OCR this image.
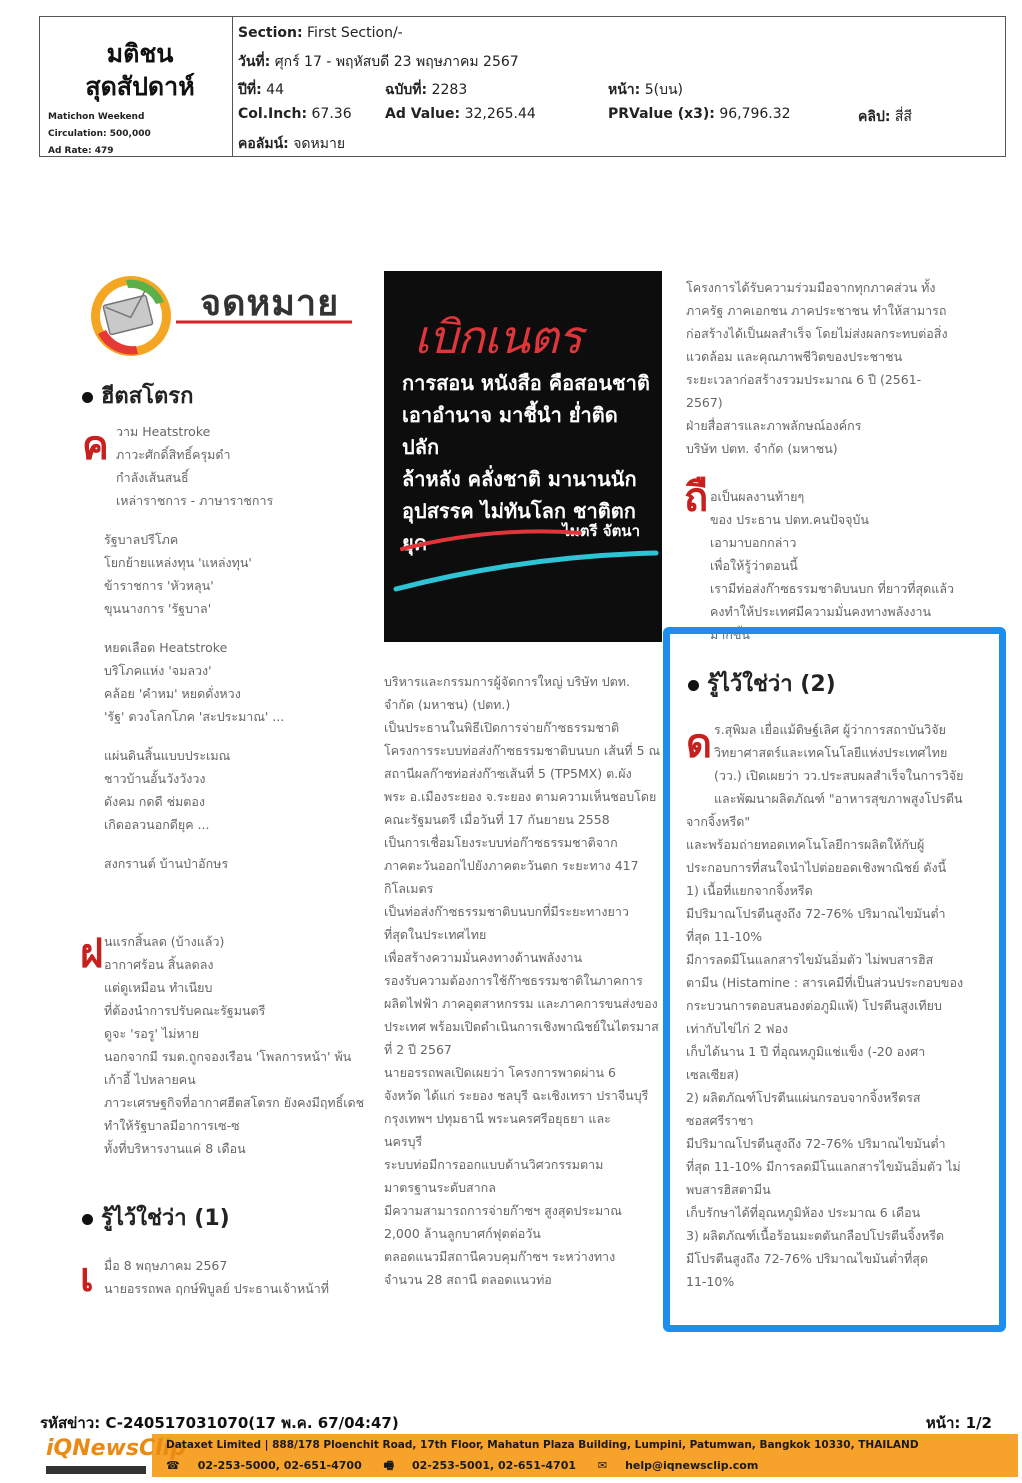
มติชน
สุดสัปดาห์
Matichon Weekend
Circulation: 500,000
Ad Rate: 479
Section: First Section/-
วันที่: ศุกร์ 17 - พฤหัสบดี 23 พฤษภาคม 2567
ปีที่: 44	ฉบับที่: 2283	หน้า: 5(บน)
Col.Inch: 67.36 Ad Value: 32,265.44	PRValue (x3): 96,796.32	คลิป: สี่สี
คอลัมน์: จดหมาย
จดหมาย
ฮีตสโตรก
ค วาม Heatstroke

ภาวะศักดิ์สิทธิ์ครุมดำ

กำลังเส้นสนธิ์

เหล่าราชการ - ภาษาราชการ

รัฐบาลปรีโภค

โยกย้ายแหล่งทุน 'แหล่งทุน'

ข้าราชการ 'หัวหลุน'

ขุนนางการ 'รัฐบาล'

หยดเลือด Heatstroke

บริโภคแห่ง 'จมลวง'

คล้อย 'คำหม' หยดดั่งหวง

'รัฐ' ดวงโลกโภค 'สะประมาณ' ...

แผ่นดินสิ้นแบบประเมณ

ชาวบ้านอั้นวังวังวง

ดังคม กดดี ช่มตอง

เกิดอลวนอกดียุค ...

สงกรานต์ บ้านป่าอักษร

ฝ นแรกสิ้นลด (บ้างแล้ว)

อากาศร้อน สิ้นลดลง

แต่ดูเหมือน ทำเนียบ

ที่ต้องนำการปรับคณะรัฐมนตรี

ดูจะ 'รอรู' ไม่หาย

นอกจากมี รมต.ถูกจองเรือน 'โพลการหน้า' พ้น

เก้าอี้ ไปหลายคน

ภาวะเศรษฐกิจที่อากาศฮีตสโตรก ยังคงมีฤทธิ์เดช

ทำให้รัฐบาลมีอาการเซ-ซ

ทั้งที่บริหารงานแค่ 8 เดือน

รู้ไว้ใช่ว่า (1)
เ มื่อ 8 พฤษภาคม 2567

นายอรรถพล ฤกษ์พิบูลย์ ประธานเจ้าหน้าที่

เบิกเนตร
การสอน หนังสือ คือสอนชาติ
เอาอำนาจ มาชี้นำ ย่ำติดปลัก
ล้าหลัง คลั่งชาติ มานานนัก
อุปสรรค ไม่ทันโลก ชาติตกยุค	ไมตรี จัตนา

บริหารและกรรมการผู้จัดการใหญ่ บริษัท ปตท.

จำกัด (มหาชน) (ปตท.)

เป็นประธานในพิธีเปิดการจ่ายก๊าซธรรมชาติ

โครงการระบบท่อส่งก๊าซธรรมชาติบนบก เส้นที่ 5 ณ

สถานีผลก๊าซท่อส่งก๊าซเส้นที่ 5 (TP5MX) ต.ผัง

พระ อ.เมืองระยอง จ.ระยอง ตามความเห็นชอบโดย

คณะรัฐมนตรี เมื่อวันที่ 17 กันยายน 2558

เป็นการเชื่อมโยงระบบท่อก๊าซธรรมชาติจาก

ภาคตะวันออกไปยังภาคตะวันตก ระยะทาง 417

กิโลเมตร

เป็นท่อส่งก๊าซธรรมชาติบนบกที่มีระยะทางยาว

ที่สุดในประเทศไทย

เพื่อสร้างความมั่นคงทางด้านพลังงาน

รองรับความต้องการใช้ก๊าซธรรมชาติในภาคการ

ผลิตไฟฟ้า ภาคอุตสาหกรรม และภาคการขนส่งของ

ประเทศ พร้อมเปิดดำเนินการเชิงพาณิชย์ในไตรมาส

ที่ 2 ปี 2567

นายอรรถพลเปิดเผยว่า โครงการพาดผ่าน 6

จังหวัด ได้แก่ ระยอง ชลบุรี ฉะเชิงเทรา ปราจีนบุรี

กรุงเทพฯ ปทุมธานี พระนครศรีอยุธยา และ

นครบุรี

ระบบท่อมีการออกแบบด้านวิศวกรรมตาม

มาตรฐานระดับสากล

มีความสามารถการจ่ายก๊าซฯ สูงสุดประมาณ

2,000 ล้านลูกบาศก์ฟุตต่อวัน

ตลอดแนวมีสถานีควบคุมก๊าซฯ ระหว่างทาง

จำนวน 28 สถานี ตลอดแนวท่อ

โครงการได้รับความร่วมมือจากทุกภาคส่วน ทั้ง

ภาครัฐ ภาคเอกชน ภาคประชาชน ทำให้สามารถ

ก่อสร้างได้เป็นผลสำเร็จ โดยไม่ส่งผลกระทบต่อสิ่ง

แวดล้อม และคุณภาพชีวิตของประชาชน

ระยะเวลาก่อสร้างรวมประมาณ 6 ปี (2561-

2567)

ฝ่ายสื่อสารและภาพลักษณ์องค์กร

บริษัท ปตท. จำกัด (มหาชน)

ถื อเป็นผลงานท้ายๆ

ของ ประธาน ปตท.คนปัจจุบัน

เอามาบอกกล่าว

เพื่อให้รู้ว่าตอนนี้

เรามีท่อส่งก๊าซธรรมชาติบนบก ที่ยาวที่สุดแล้ว

คงทำให้ประเทศมีความมั่นคงทางพลังงาน

มากขึ้น

รู้ไว้ใช่ว่า (2)
ด ร.สุพิมล เยื่อแม้ดิษฐ์เลิศ ผู้ว่าการสถาบันวิจัย

วิทยาศาสตร์และเทคโนโลยีแห่งประเทศไทย

(วว.) เปิดเผยว่า วว.ประสบผลสำเร็จในการวิจัย

และพัฒนาผลิตภัณฑ์ "อาหารสุขภาพสูงโปรตีน

จากจิ้งหรีด"

และพร้อมถ่ายทอดเทคโนโลยีการผลิตให้กับผู้

ประกอบการที่สนใจนำไปต่อยอดเชิงพาณิชย์ ดังนี้

1) เนื้อที่แยกจากจิ้งหรีด

มีปริมาณโปรตีนสูงถึง 72-76% ปริมาณไขมันต่ำ

ที่สุด 11-10%

มีการลดมีโนแลกสารไขมันอิ่มตัว ไม่พบสารฮิส

ตามีน (Histamine : สารเคมีที่เป็นส่วนประกอบของ

กระบวนการตอบสนองต่อภูมิแพ้) โปรตีนสูงเทียบ

เท่ากับไข่ไก่ 2 ฟอง

เก็บได้นาน 1 ปี ที่อุณหภูมิแช่แข็ง (-20 องศา

เซลเซียส)

2) ผลิตภัณฑ์โปรตีนแผ่นกรอบจากจิ้งหรีดรส

ซอสศรีราชา

มีปริมาณโปรตีนสูงถึง 72-76% ปริมาณไขมันต่ำ

ที่สุด 11-10% มีการลดมีโนแลกสารไขมันอิ่มตัว ไม่

พบสารฮิสตามีน

เก็บรักษาได้ที่อุณหภูมิห้อง ประมาณ 6 เดือน

3) ผลิตภัณฑ์เนื้อร้อนมะตตันกลือปโปรตีนจิ้งหรีด

มีโปรตีนสูงถึง 72-76% ปริมาณไขมันต่ำที่สุด

11-10%

รหัสข่าว: C-240517031070(17 พ.ค. 67/04:47)	หน้า: 1/2
iQNewsClip
Dataxet Limited | 888/178 Ploenchit Road, 17th Floor, Mahatun Plaza Building, Lumpini, Patumwan, Bangkok 10330, THAILAND
☎ 02-253-5000, 02-651-4700 🖷 02-253-5001, 02-651-4701 ✉ help@iqnewsclip.com
